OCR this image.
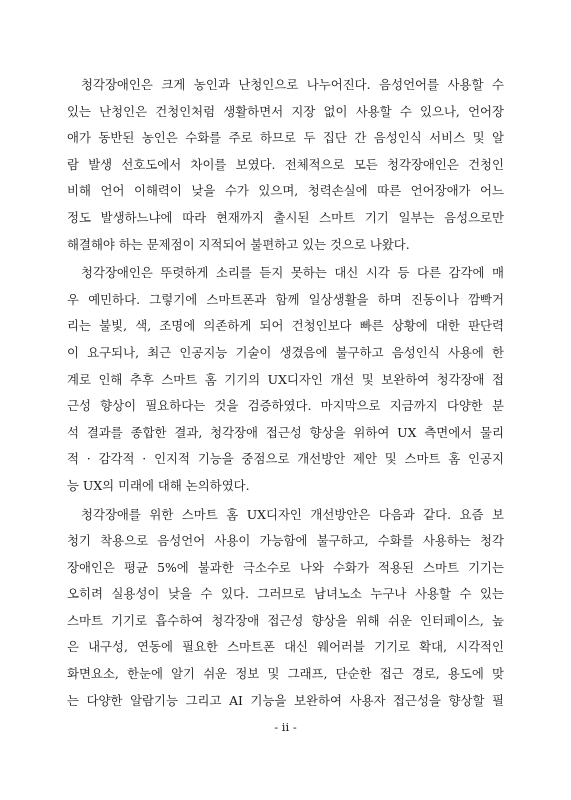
청각장애인은 크게 농인과 난청인으로 나누어진다. 음성언어를 사용할 수
있는 난청인은 건청인처럼 생활하면서 지장 없이 사용할 수 있으나, 언어장
애가 동반된 농인은 수화를 주로 하므로 두 집단 간 음성인식 서비스 및 알
람 발생 선호도에서 차이를 보였다. 전체적으로 모든 청각장애인은 건청인
비해 언어 이해력이 낮을 수가 있으며, 청력손실에 따른 언어장애가 어느
정도 발생하느냐에 따라 현재까지 출시된 스마트 기기 일부는 음성으로만
해결해야 하는 문제점이 지적되어 불편하고 있는 것으로 나왔다.
청각장애인은 뚜렷하게 소리를 듣지 못하는 대신 시각 등 다른 감각에 매
우 예민하다. 그렇기에 스마트폰과 함께 일상생활을 하며 진동이나 깜빡거
리는 불빛, 색, 조명에 의존하게 되어 건청인보다 빠른 상황에 대한 판단력
이 요구되나, 최근 인공지능 기술이 생겼음에 불구하고 음성인식 사용에 한
계로 인해 추후 스마트 홈 기기의 UX디자인 개선 및 보완하여 청각장애 접
근성 향상이 필요하다는 것을 검증하였다. 마지막으로 지금까지 다양한 분
석 결과를 종합한 결과, 청각장애 접근성 향상을 위하여 UX 측면에서 물리
적 · 감각적 · 인지적 기능을 중점으로 개선방안 제안 및 스마트 홈 인공지
능 UX의 미래에 대해 논의하였다.
청각장애를 위한 스마트 홈 UX디자인 개선방안은 다음과 같다. 요즘 보
청기 착용으로 음성언어 사용이 가능함에 불구하고, 수화를 사용하는 청각
장애인은 평균 5%에 불과한 극소수로 나와 수화가 적용된 스마트 기기는
오히려 실용성이 낮을 수 있다. 그러므로 남녀노소 누구나 사용할 수 있는
스마트 기기로 흡수하여 청각장애 접근성 향상을 위해 쉬운 인터페이스, 높
은 내구성, 연동에 필요한 스마트폰 대신 웨어러블 기기로 확대, 시각적인
화면요소, 한눈에 알기 쉬운 정보 및 그래프, 단순한 접근 경로, 용도에 맞
는 다양한 알람기능 그리고 AI 기능을 보완하여 사용자 접근성을 향상할 필
- ii -
